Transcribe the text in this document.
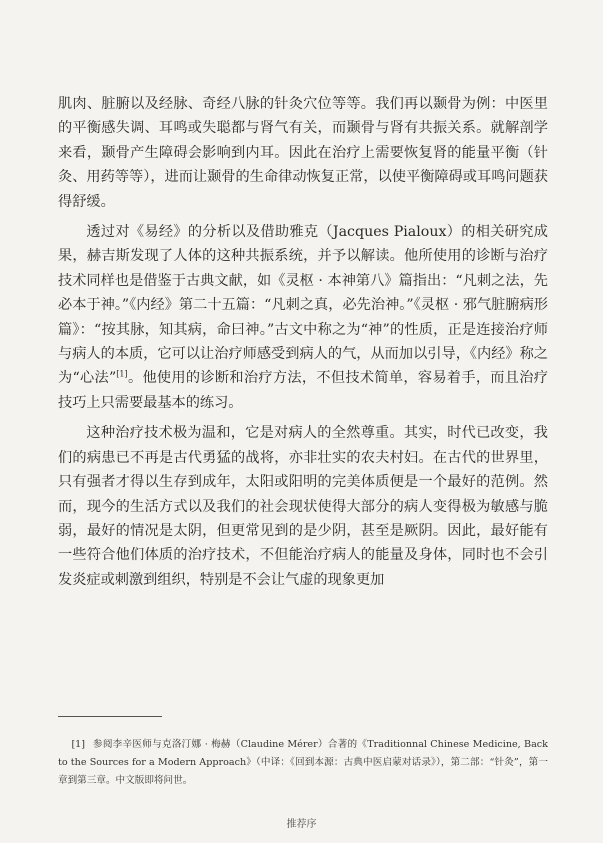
肌肉、脏腑以及经脉、奇经八脉的针灸穴位等等。我们再以颞骨为例：中医里的平衡感失调、耳鸣或失聪都与肾气有关，而颞骨与肾有共振关系。就解剖学来看，颞骨产生障碍会影响到内耳。因此在治疗上需要恢复肾的能量平衡（针灸、用药等等），进而让颞骨的生命律动恢复正常，以使平衡障碍或耳鸣问题获得舒缓。

透过对《易经》的分析以及借助雅克（Jacques Pialoux）的相关研究成果，赫吉斯发现了人体的这种共振系统，并予以解读。他所使用的诊断与治疗技术同样也是借鉴于古典文献，如《灵枢 · 本神第八》篇指出：“凡刺之法，先必本于神。”《内经》第二十五篇：“凡刺之真，必先治神。”《灵枢 · 邪气脏腑病形篇》：“按其脉，知其病，命曰神。”古文中称之为“神”的性质，正是连接治疗师与病人的本质，它可以让治疗师感受到病人的气，从而加以引导，《内经》称之为“心法”[1]。他使用的诊断和治疗方法，不但技术简单，容易着手，而且治疗技巧上只需要最基本的练习。

这种治疗技术极为温和，它是对病人的全然尊重。其实，时代已改变，我们的病患已不再是古代勇猛的战将，亦非壮实的农夫村妇。在古代的世界里，只有强者才得以生存到成年，太阳或阳明的完美体质便是一个最好的范例。然而，现今的生活方式以及我们的社会现状使得大部分的病人变得极为敏感与脆弱，最好的情况是太阴，但更常见到的是少阴，甚至是厥阴。因此，最好能有一些符合他们体质的治疗技术，不但能治疗病人的能量及身体，同时也不会引发炎症或刺激到组织，特别是不会让气虚的现象更加

[1] 参阅李辛医师与克洛汀娜 · 梅赫（Claudine Mérer）合著的《Traditionnal Chinese Medicine, Back to the Sources for a Modern Approach》（中译：《回到本源：古典中医启蒙对话录》），第二部：“针灸”，第一章到第三章。中文版即将问世。
推荐序
